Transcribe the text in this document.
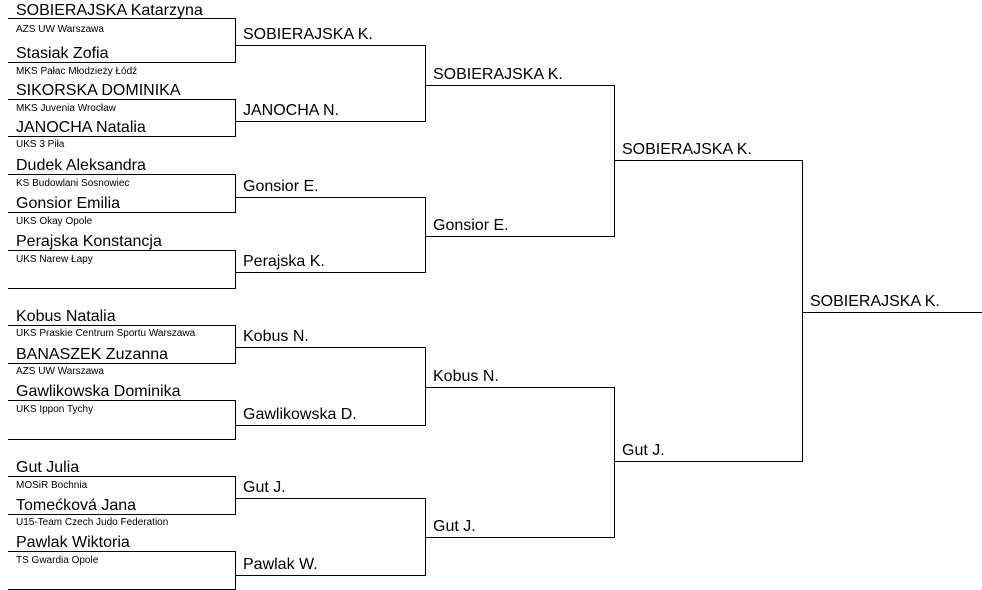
SOBIERAJSKA Katarzyna
AZS UW Warszawa
Stasiak Zofia
MKS Pałac Młodzieży Łódź
SIKORSKA DOMINIKA
MKS Juvenia Wrocław
JANOCHA Natalia
UKS 3 Piła
Dudek Aleksandra
KS Budowlani Sosnowiec
Gonsior Emilia
UKS Okay Opole
Perajska Konstancja
UKS Narew Łapy
Kobus Natalia
UKS Praskie Centrum Sportu Warszawa
BANASZEK Zuzanna
AZS UW Warszawa
Gawlikowska Dominika
UKS Ippon Tychy
Gut Julia
MOSiR Bochnia
Tomećková Jana
U15-Team Czech Judo Federation
Pawlak Wiktoria
TS Gwardia Opole
SOBIERAJSKA K.
JANOCHA N.
Gonsior E.
Perajska K.
Kobus N.
Gawlikowska D.
Gut J.
Pawlak W.
SOBIERAJSKA K.
Gonsior E.
Kobus N.
Gut J.
SOBIERAJSKA K.
Gut J.
SOBIERAJSKA K.
